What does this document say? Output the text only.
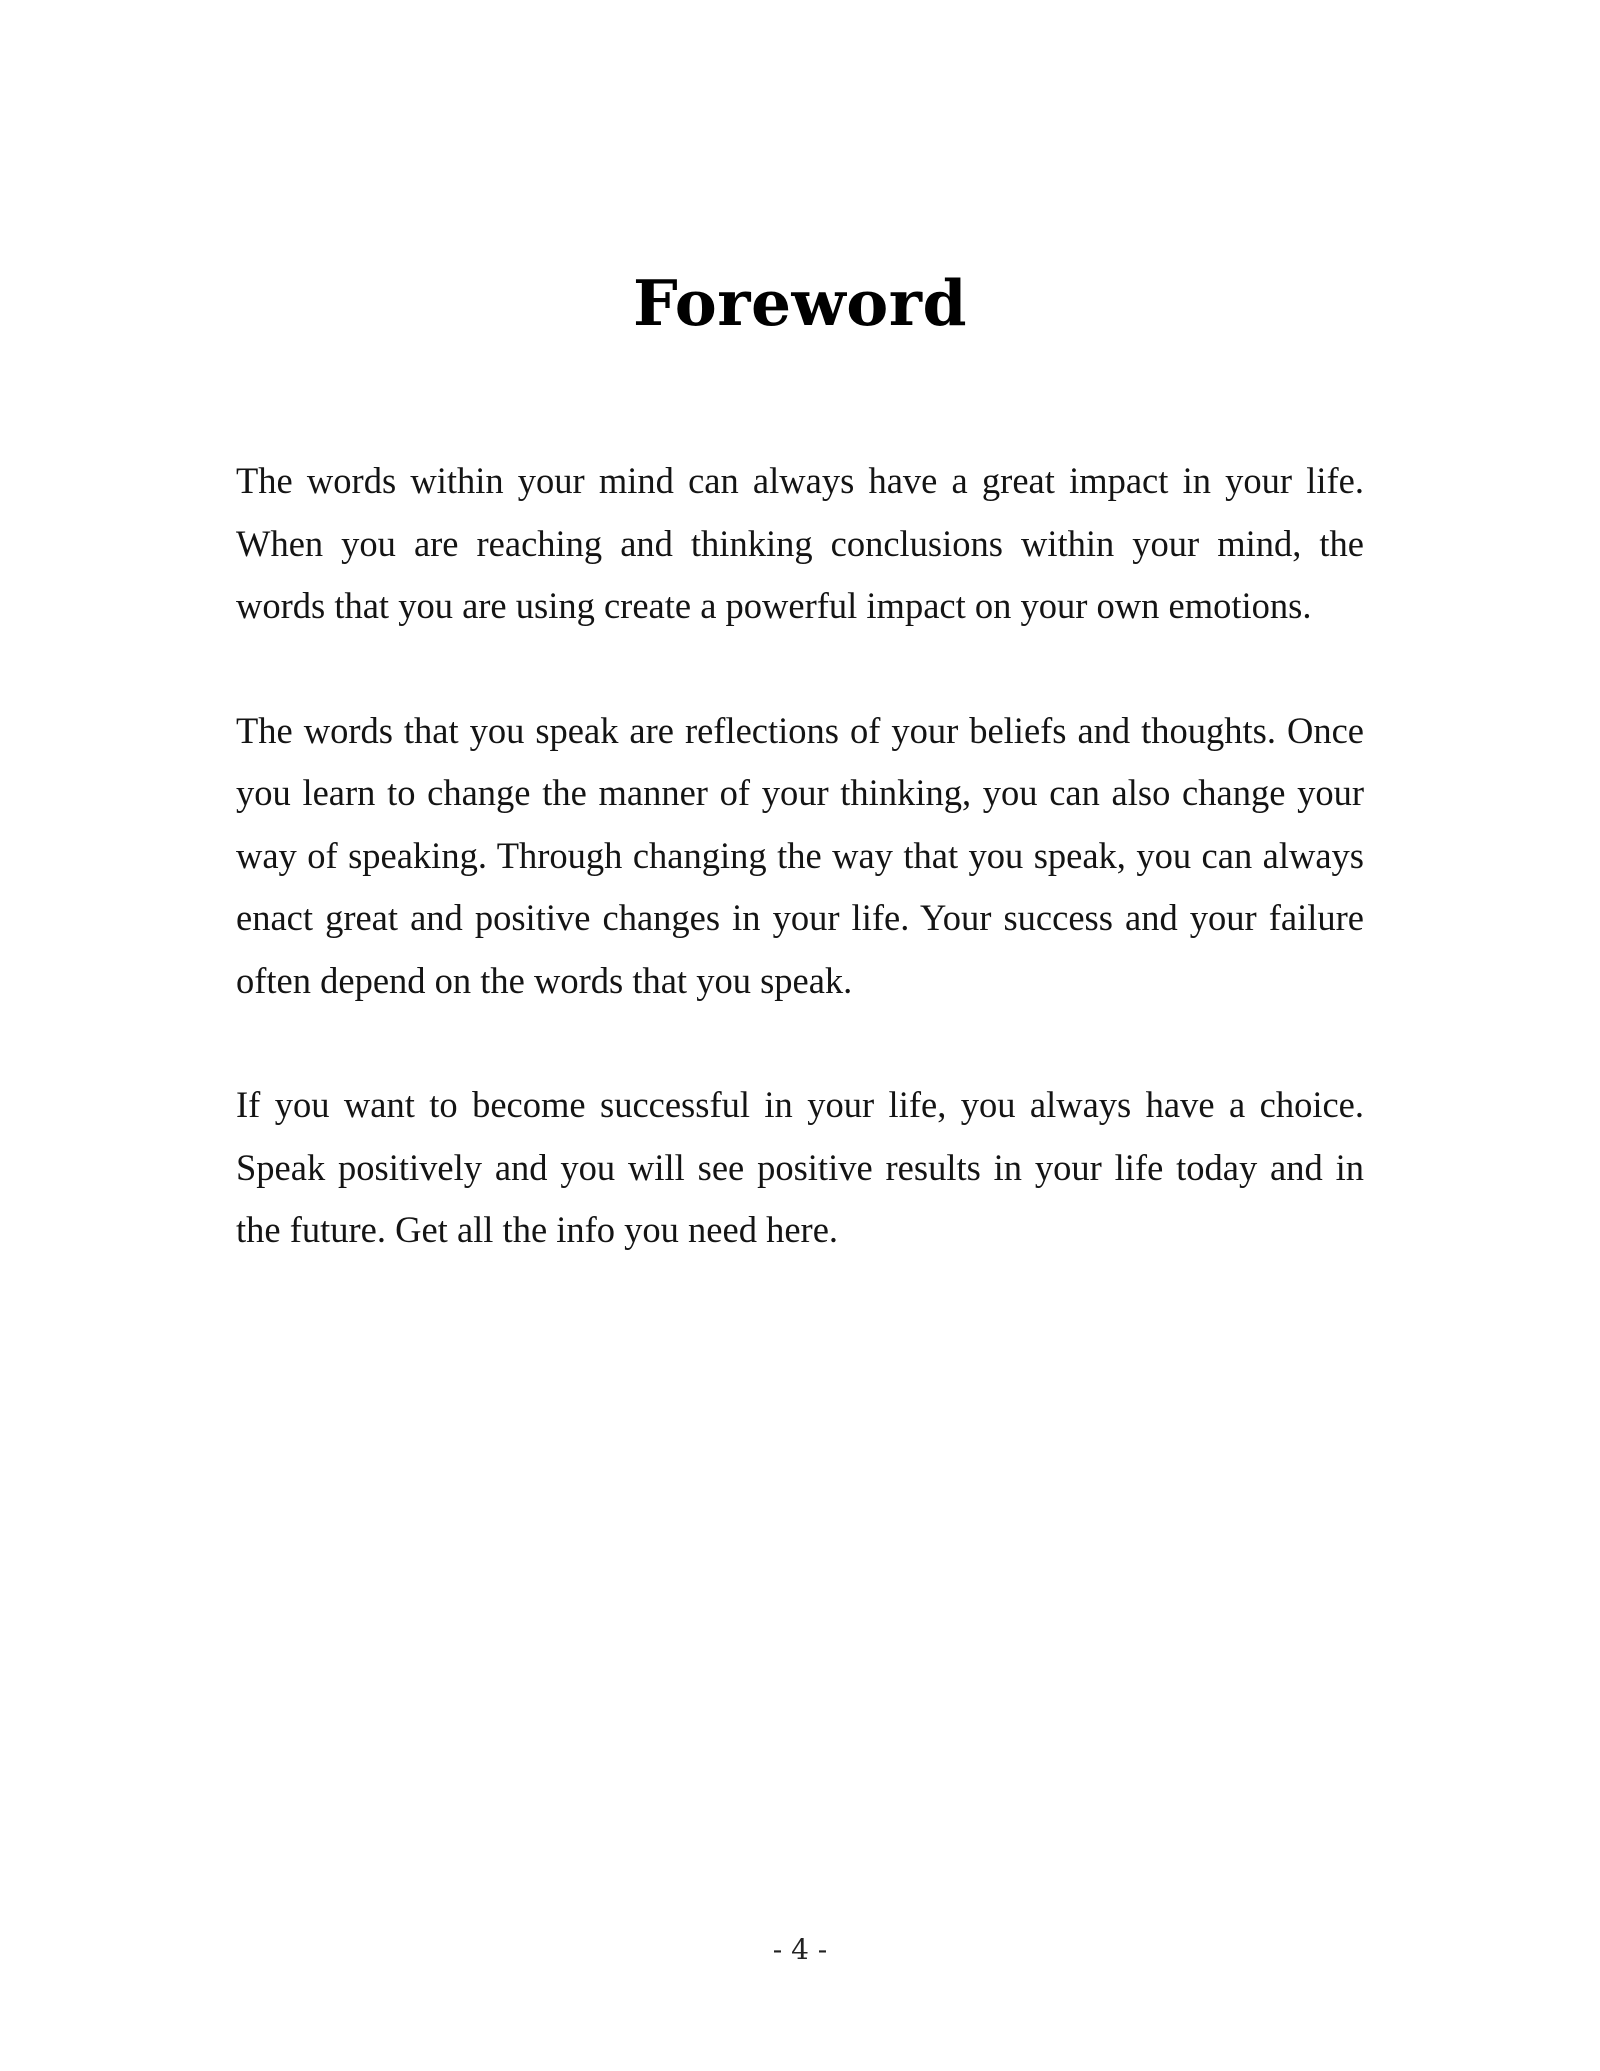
Foreword

The words within your mind can always have a great impact in your life. When you are reaching and thinking conclusions within your mind, the words that you are using create a powerful impact on your own emotions.

The words that you speak are reflections of your beliefs and thoughts. Once you learn to change the manner of your thinking, you can also change your way of speaking. Through changing the way that you speak, you can always enact great and positive changes in your life. Your success and your failure often depend on the words that you speak.

If you want to become successful in your life, you always have a choice. Speak positively and you will see positive results in your life today and in the future. Get all the info you need here.

- 4 -
